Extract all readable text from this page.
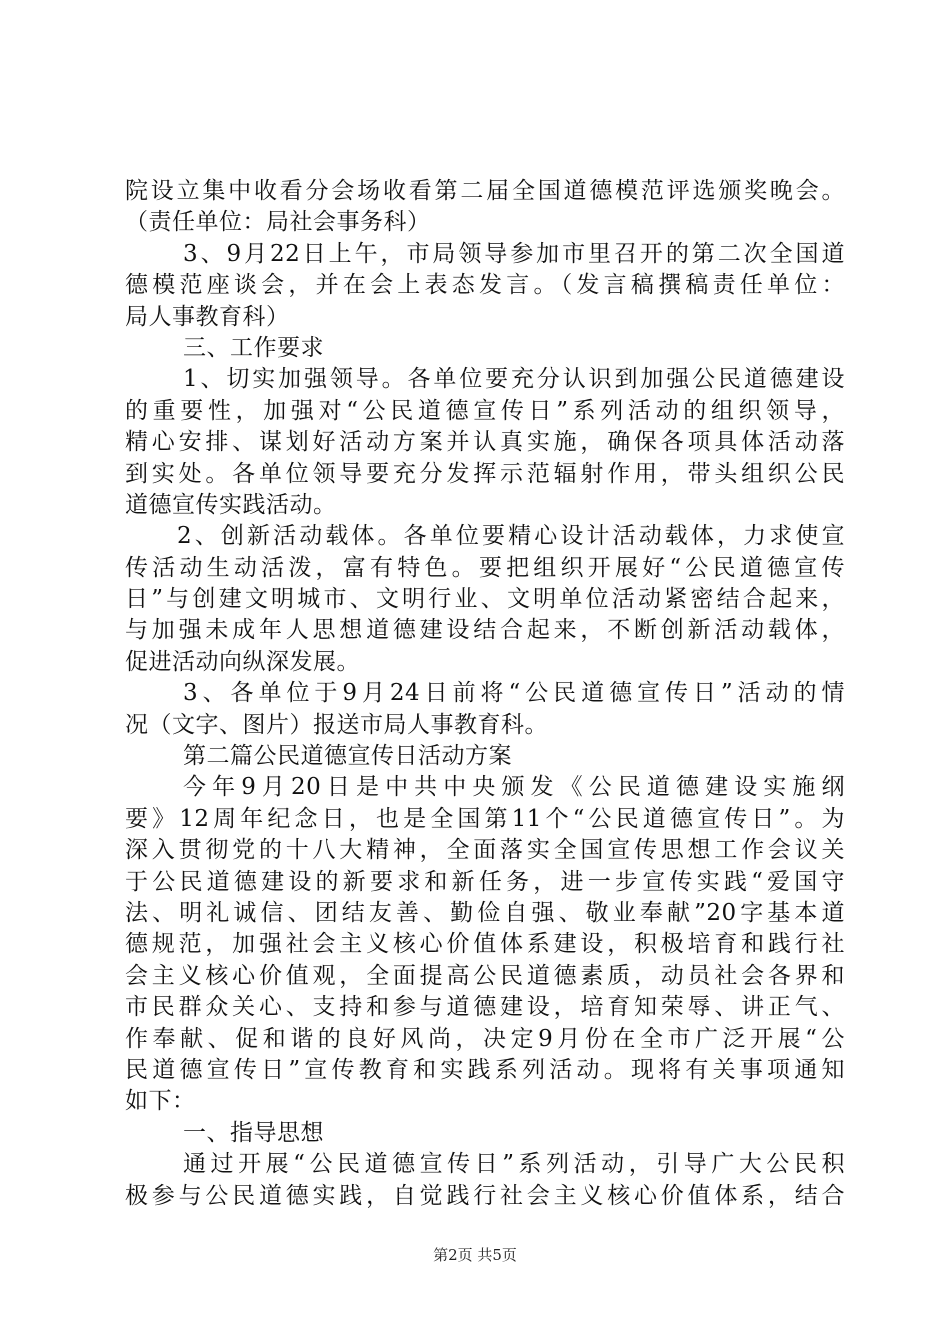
院设立集中收看分会场收看第二届全国道德模范评选颁奖晚会。
（责任单位：局社会事务科）
3、9月22日上午，市局领导参加市里召开的第二次全国道
德模范座谈会，并在会上表态发言。（发言稿撰稿责任单位：
局人事教育科）
三、工作要求
1、切实加强领导。各单位要充分认识到加强公民道德建设
的重要性，加强对“公民道德宣传日”系列活动的组织领导，
精心安排、谋划好活动方案并认真实施，确保各项具体活动落
到实处。各单位领导要充分发挥示范辐射作用，带头组织公民
道德宣传实践活动。
2、创新活动载体。各单位要精心设计活动载体，力求使宣
传活动生动活泼，富有特色。要把组织开展好“公民道德宣传
日”与创建文明城市、文明行业、文明单位活动紧密结合起来，
与加强未成年人思想道德建设结合起来，不断创新活动载体，
促进活动向纵深发展。
3、各单位于9月24日前将“公民道德宣传日”活动的情
况（文字、图片）报送市局人事教育科。
第二篇公民道德宣传日活动方案
今年9月20日是中共中央颁发《公民道德建设实施纲
要》12周年纪念日，也是全国第11个“公民道德宣传日”。为
深入贯彻党的十八大精神，全面落实全国宣传思想工作会议关
于公民道德建设的新要求和新任务，进一步宣传实践“爱国守
法、明礼诚信、团结友善、勤俭自强、敬业奉献”20字基本道
德规范，加强社会主义核心价值体系建设，积极培育和践行社
会主义核心价值观，全面提高公民道德素质，动员社会各界和
市民群众关心、支持和参与道德建设，培育知荣辱、讲正气、
作奉献、促和谐的良好风尚，决定9月份在全市广泛开展“公
民道德宣传日”宣传教育和实践系列活动。现将有关事项通知
如下：
一、指导思想
通过开展“公民道德宣传日”系列活动，引导广大公民积
极参与公民道德实践，自觉践行社会主义核心价值体系，结合
第2页 共5页
